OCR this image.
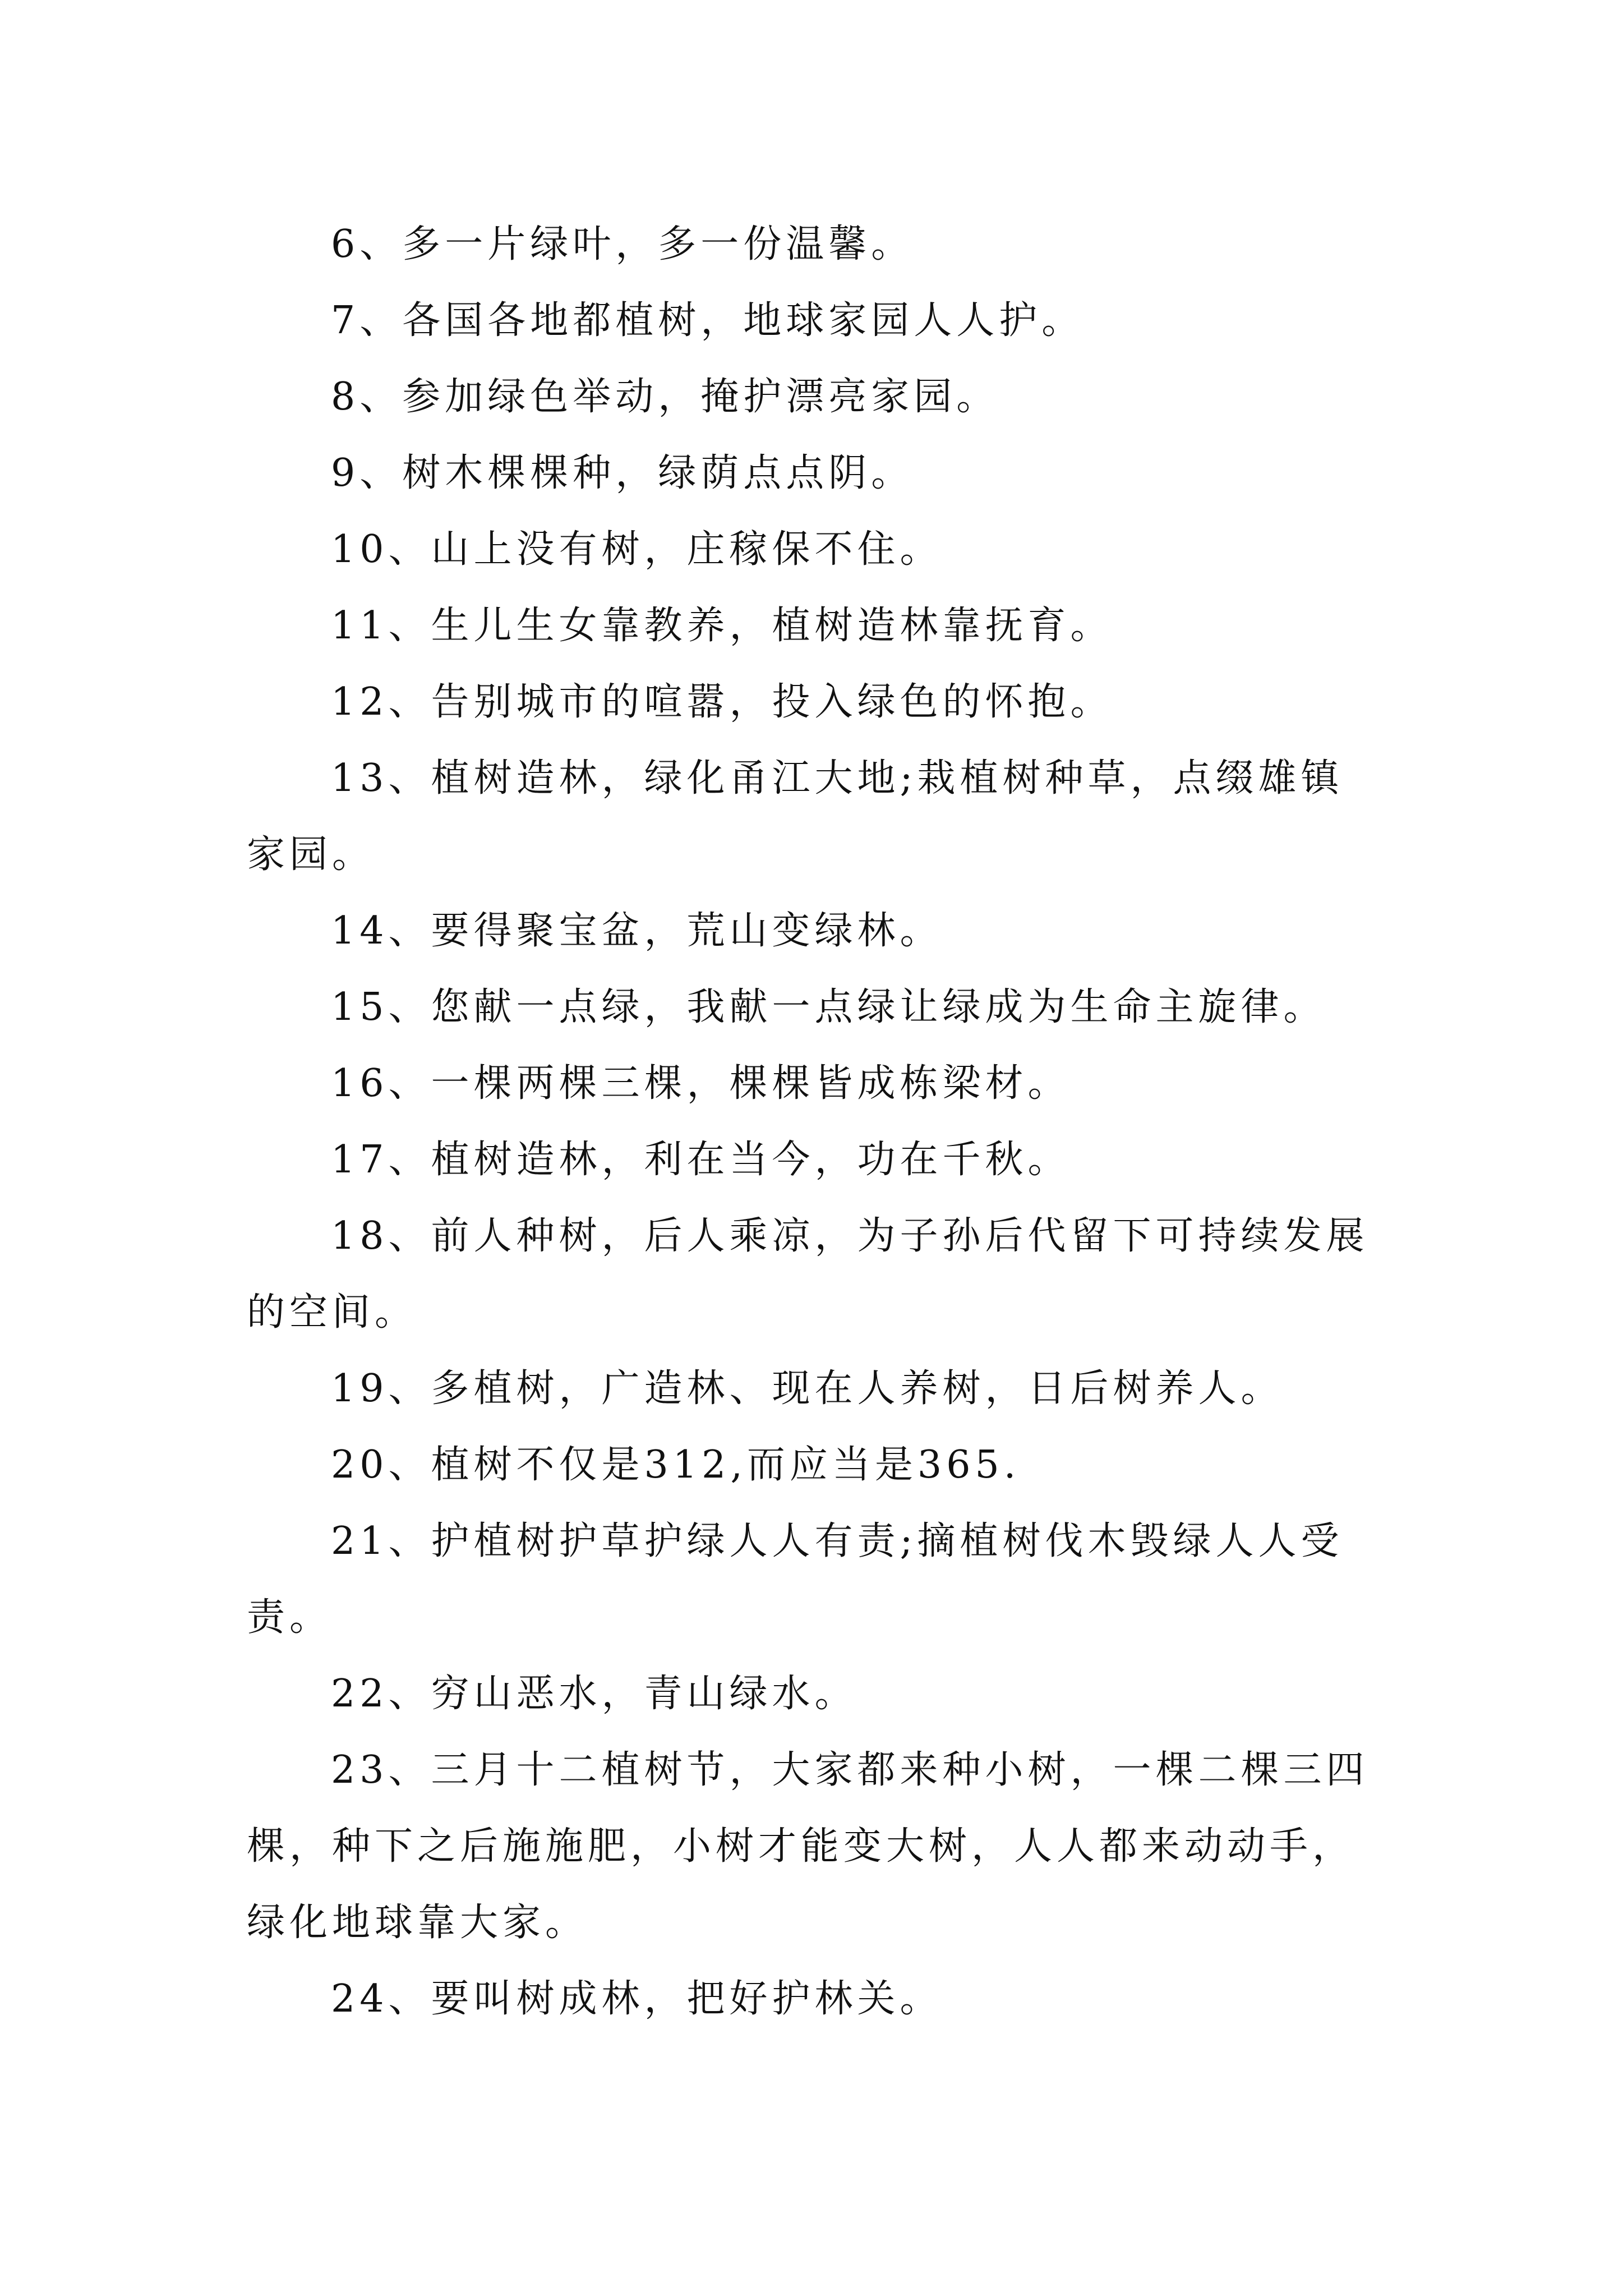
6、多一片绿叶，多一份温馨。

7、各国各地都植树，地球家园人人护。

8、参加绿色举动，掩护漂亮家园。

9、树木棵棵种，绿荫点点阴。

10、山上没有树，庄稼保不住。

11、生儿生女靠教养，植树造林靠抚育。

12、告别城市的喧嚣，投入绿色的怀抱。

13、植树造林，绿化甬江大地;栽植树种草，点缀雄镇家园。

14、要得聚宝盆，荒山变绿林。

15、您献一点绿，我献一点绿让绿成为生命主旋律。

16、一棵两棵三棵，棵棵皆成栋梁材。

17、植树造林，利在当今，功在千秋。

18、前人种树，后人乘凉，为子孙后代留下可持续发展的空间。

19、多植树，广造林、现在人养树，日后树养人。

20、植树不仅是312,而应当是365.

21、护植树护草护绿人人有责;摘植树伐木毁绿人人受责。

22、穷山恶水，青山绿水。

23、三月十二植树节，大家都来种小树，一棵二棵三四棵，种下之后施施肥，小树才能变大树，人人都来动动手，绿化地球靠大家。

24、要叫树成林，把好护林关。
